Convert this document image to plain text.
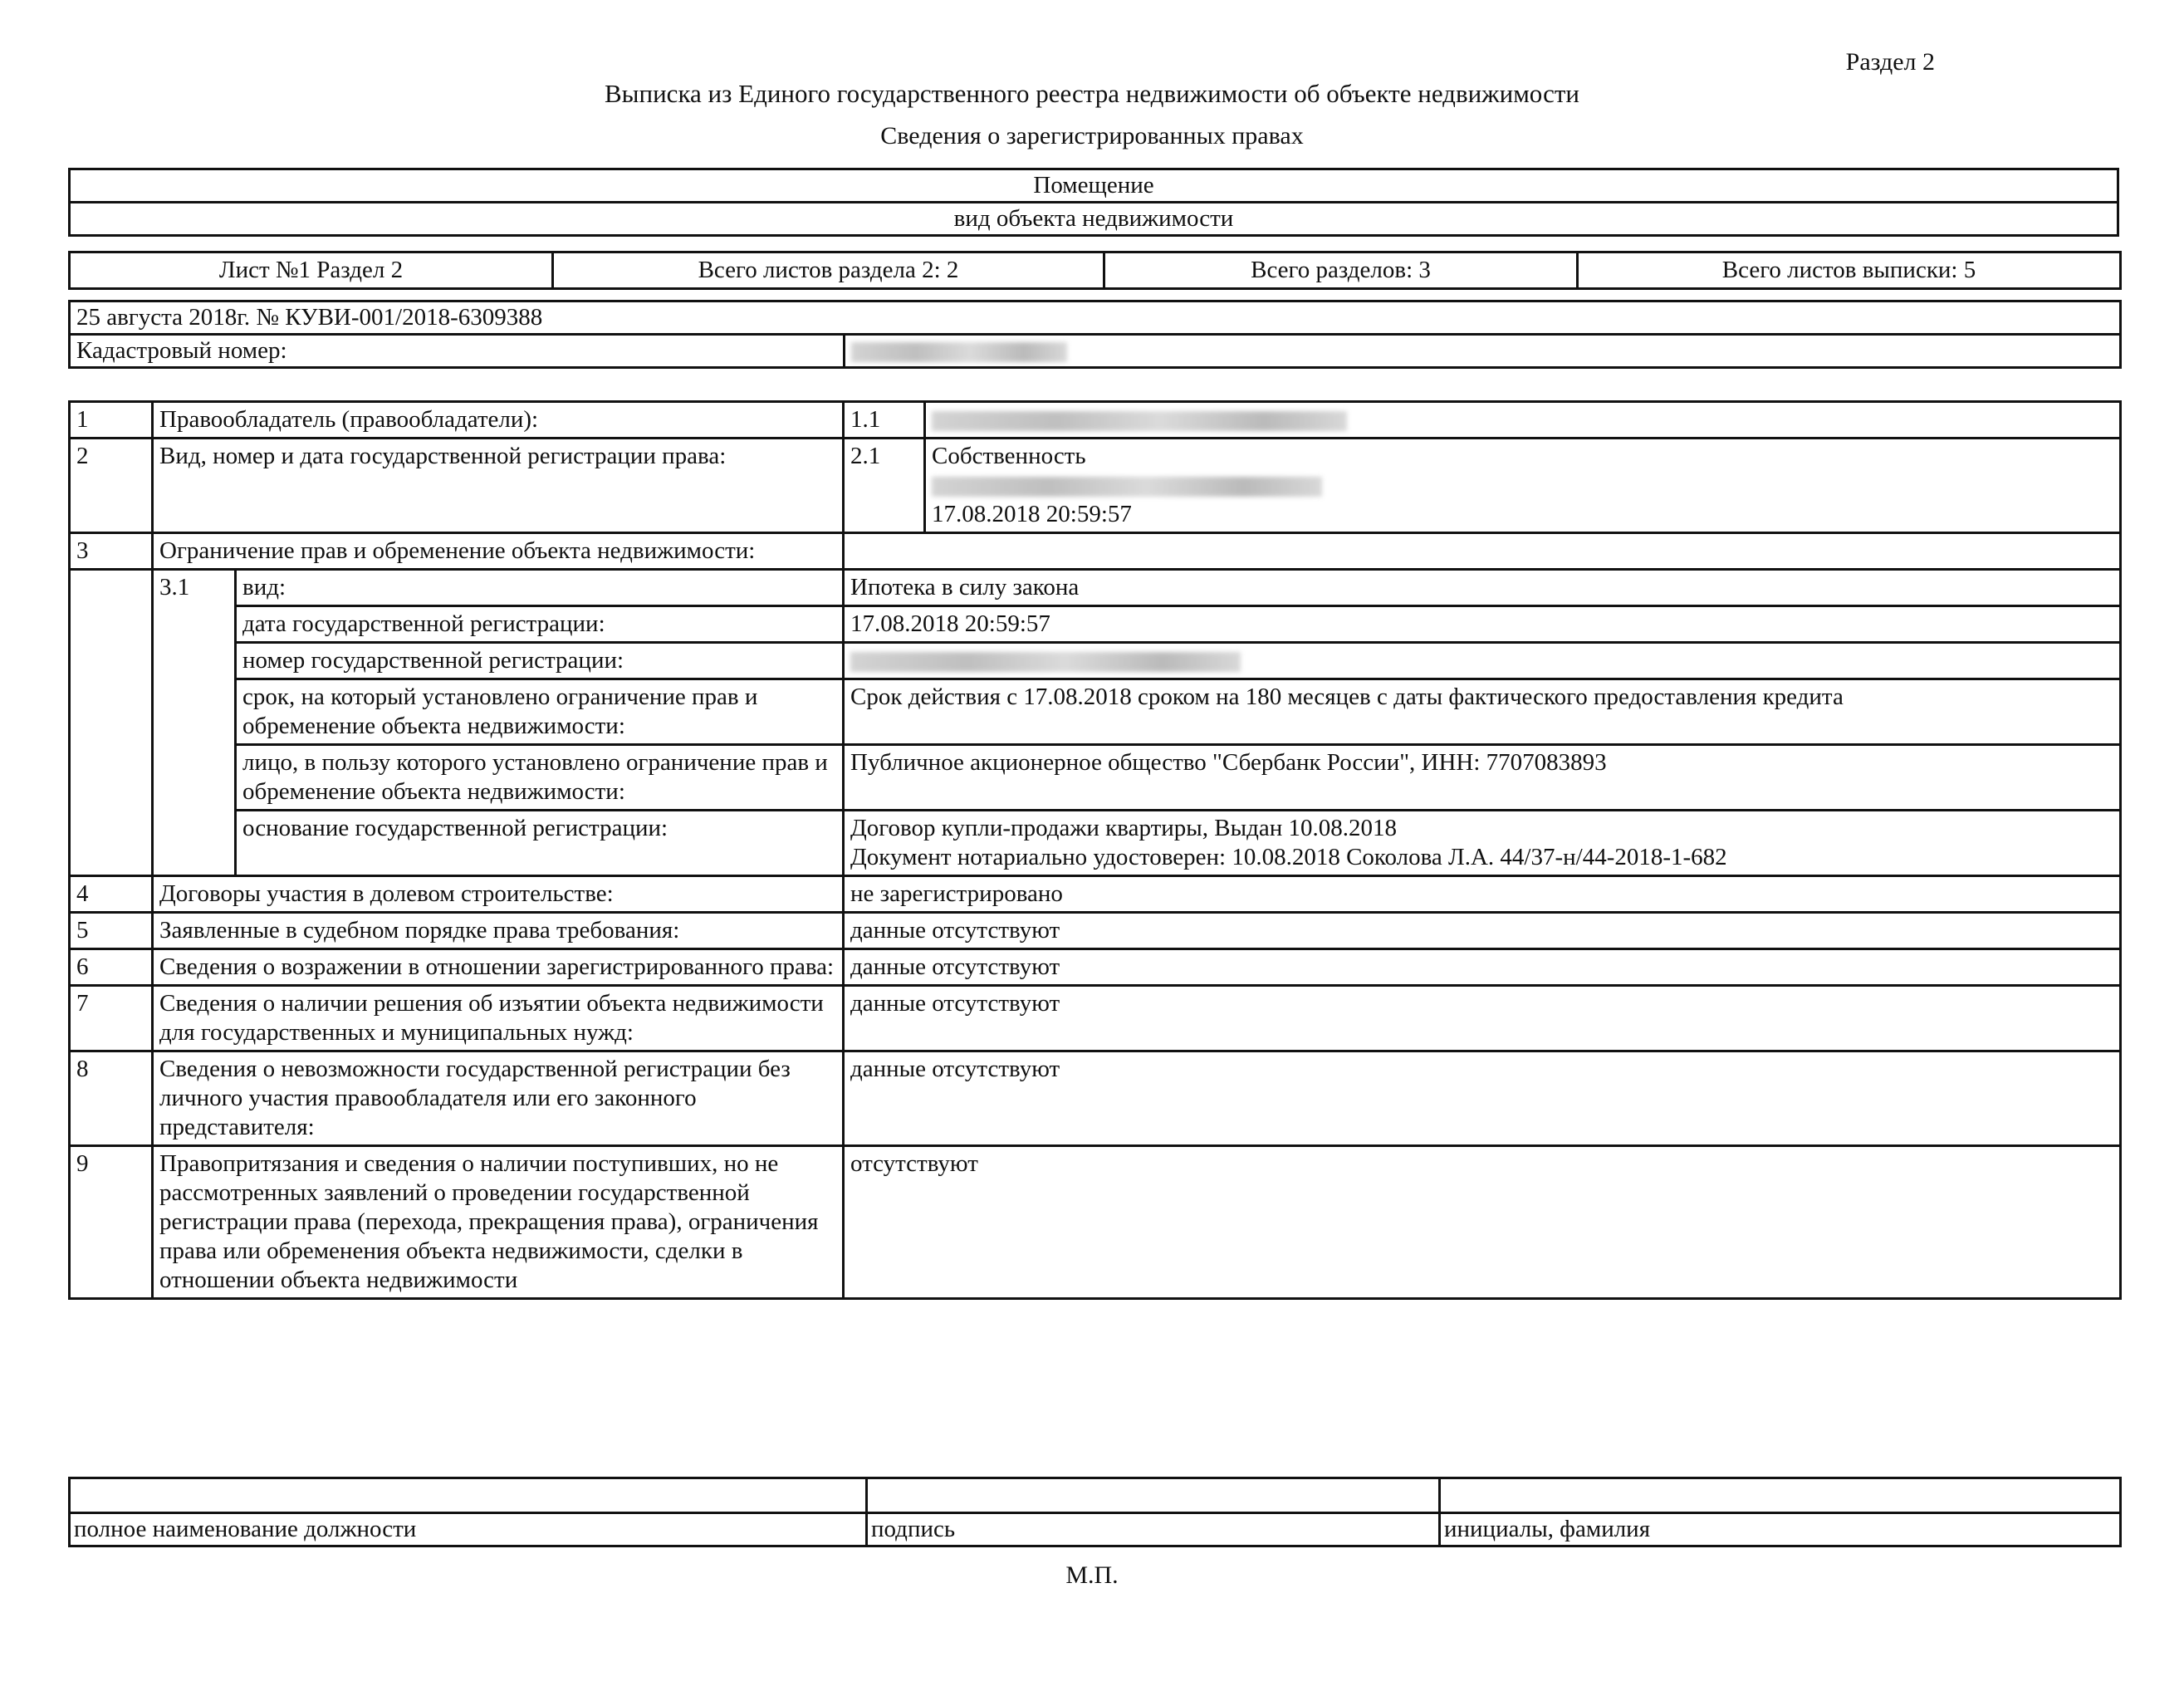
Раздел 2
Выписка из Единого государственного реестра недвижимости об объекте недвижимости
Сведения о зарегистрированных правах
Помещение
вид объекта недвижимости
Лист №1 Раздел 2	Всего листов раздела 2: 2	Всего разделов: 3	Всего листов выписки: 5
25 августа 2018г. № КУВИ-001/2018-6309388
Кадастровый номер:	
1	Правообладатель (правообладатели):		1.1	
2	Вид, номер и дата государственной регистрации права:		2.1	Собственность
17.08.2018 20:59:57

3	Ограничение прав и обременение объекта недвижимости:			
	3.1	вид:	Ипотека в силу закона	
		дата государственной регистрации:	17.08.2018 20:59:57	
		номер государственной регистрации:		
		срок, на который установлено ограничение прав и обременение объекта недвижимости:	Срок действия с 17.08.2018 сроком на 180 месяцев с даты фактического предоставления кредита	
		лицо, в пользу которого установлено ограничение прав и обременение объекта недвижимости:	Публичное акционерное общество "Сбербанк России", ИНН: 7707083893	
		основание государственной регистрации:	Договор купли-продажи квартиры, Выдан 10.08.2018
Документ нотариально удостоверен: 10.08.2018 Соколова Л.А. 44/37-н/44-2018-1-682	

4	Договоры участия в долевом строительстве:		не зарегистрировано	
5	Заявленные в судебном порядке права требования:		данные отсутствуют	
6	Сведения о возражении в отношении зарегистрированного права:		данные отсутствуют	
7	Сведения о наличии решения об изъятии объекта недвижимости для государственных и муниципальных нужд:		данные отсутствуют	
8	Сведения о невозможности государственной регистрации без личного участия правообладателя или его законного представителя:		данные отсутствуют	
9	Правопритязания и сведения о наличии поступивших, но не рассмотренных заявлений о проведении государственной регистрации права (перехода, прекращения права), ограничения права или обременения объекта недвижимости, сделки в отношении объекта недвижимости		отсутствуют	

полное наименование должности	подпись	инициалы, фамилия
М.П.
